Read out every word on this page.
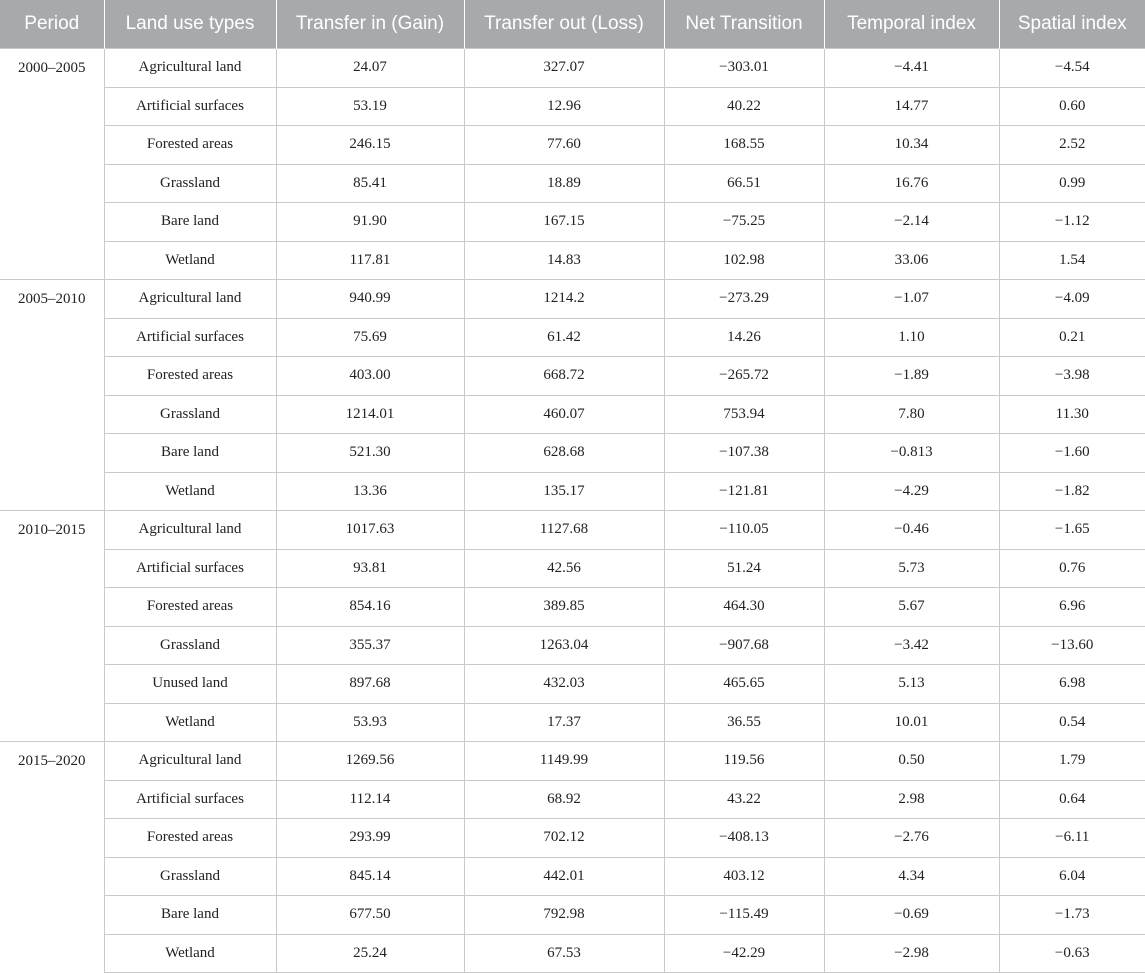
Period	Land use types	Transfer in (Gain)	Transfer out (Loss)	Net Transition	Temporal index	Spatial index
2000–2005	Agricultural land	24.07	327.07	−303.01	−4.41	−4.54
	Artificial surfaces	53.19	12.96	40.22	14.77	0.60
	Forested areas	246.15	77.60	168.55	10.34	2.52
	Grassland	85.41	18.89	66.51	16.76	0.99
	Bare land	91.90	167.15	−75.25	−2.14	−1.12
	Wetland	117.81	14.83	102.98	33.06	1.54
2005–2010	Agricultural land	940.99	1214.2	−273.29	−1.07	−4.09
	Artificial surfaces	75.69	61.42	14.26	1.10	0.21
	Forested areas	403.00	668.72	−265.72	−1.89	−3.98
	Grassland	1214.01	460.07	753.94	7.80	11.30
	Bare land	521.30	628.68	−107.38	−0.813	−1.60
	Wetland	13.36	135.17	−121.81	−4.29	−1.82
2010–2015	Agricultural land	1017.63	1127.68	−110.05	−0.46	−1.65
	Artificial surfaces	93.81	42.56	51.24	5.73	0.76
	Forested areas	854.16	389.85	464.30	5.67	6.96
	Grassland	355.37	1263.04	−907.68	−3.42	−13.60
	Unused land	897.68	432.03	465.65	5.13	6.98
	Wetland	53.93	17.37	36.55	10.01	0.54
2015–2020	Agricultural land	1269.56	1149.99	119.56	0.50	1.79
	Artificial surfaces	112.14	68.92	43.22	2.98	0.64
	Forested areas	293.99	702.12	−408.13	−2.76	−6.11
	Grassland	845.14	442.01	403.12	4.34	6.04
	Bare land	677.50	792.98	−115.49	−0.69	−1.73
	Wetland	25.24	67.53	−42.29	−2.98	−0.63
